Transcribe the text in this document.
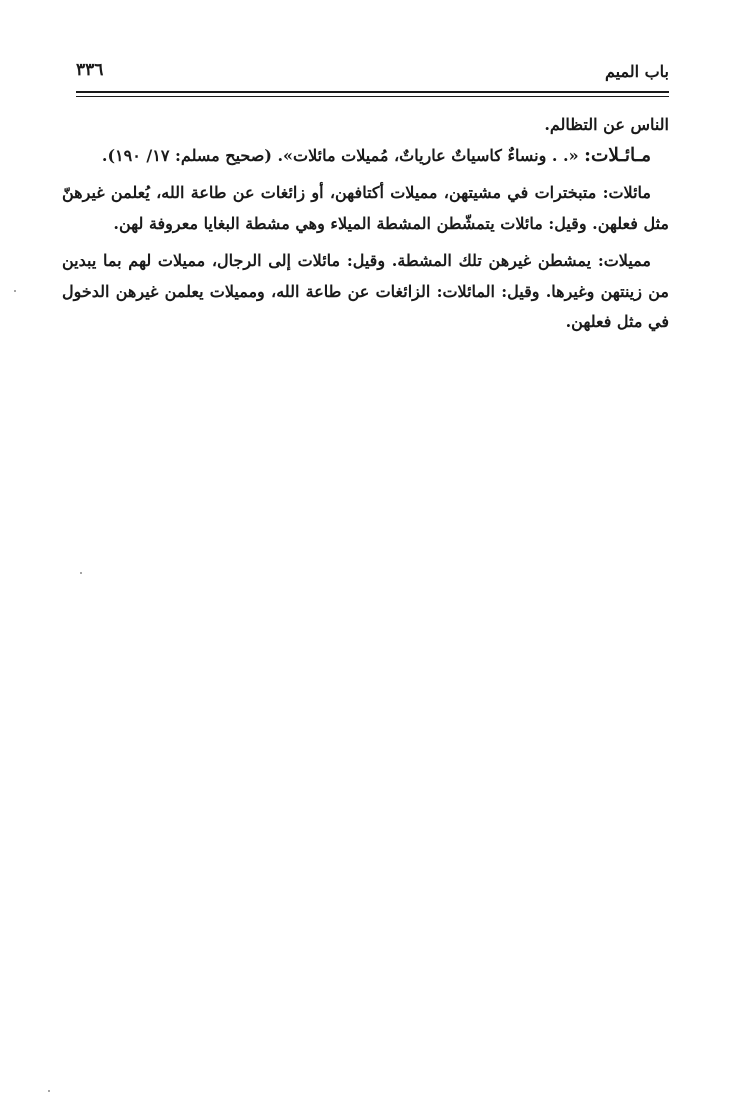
باب الميم
٣٣٦

الناس عن التظالم.

مـائـلات: «. . ونساءٌ كاسياتٌ عارياتٌ، مُميلات مائلات». (صحيح مسلم: ١٧/ ١٩٠).

مائلات: متبخترات في مشيتهن، مميلات أكتافهن، أو زائغات عن طاعة الله، يُعلمن غيرهنّ مثل فعلهن. وقيل: مائلات يتمشّطن المشطة الميلاء وهي مشطة البغايا معروفة لهن.

مميلات: يمشطن غيرهن تلك المشطة. وقيل: مائلات إلى الرجال، مميلات لهم بما يبدين من زينتهن وغيرها. وقيل: المائلات: الزائغات عن طاعة الله، ومميلات يعلمن غيرهن الدخول في مثل فعلهن.
